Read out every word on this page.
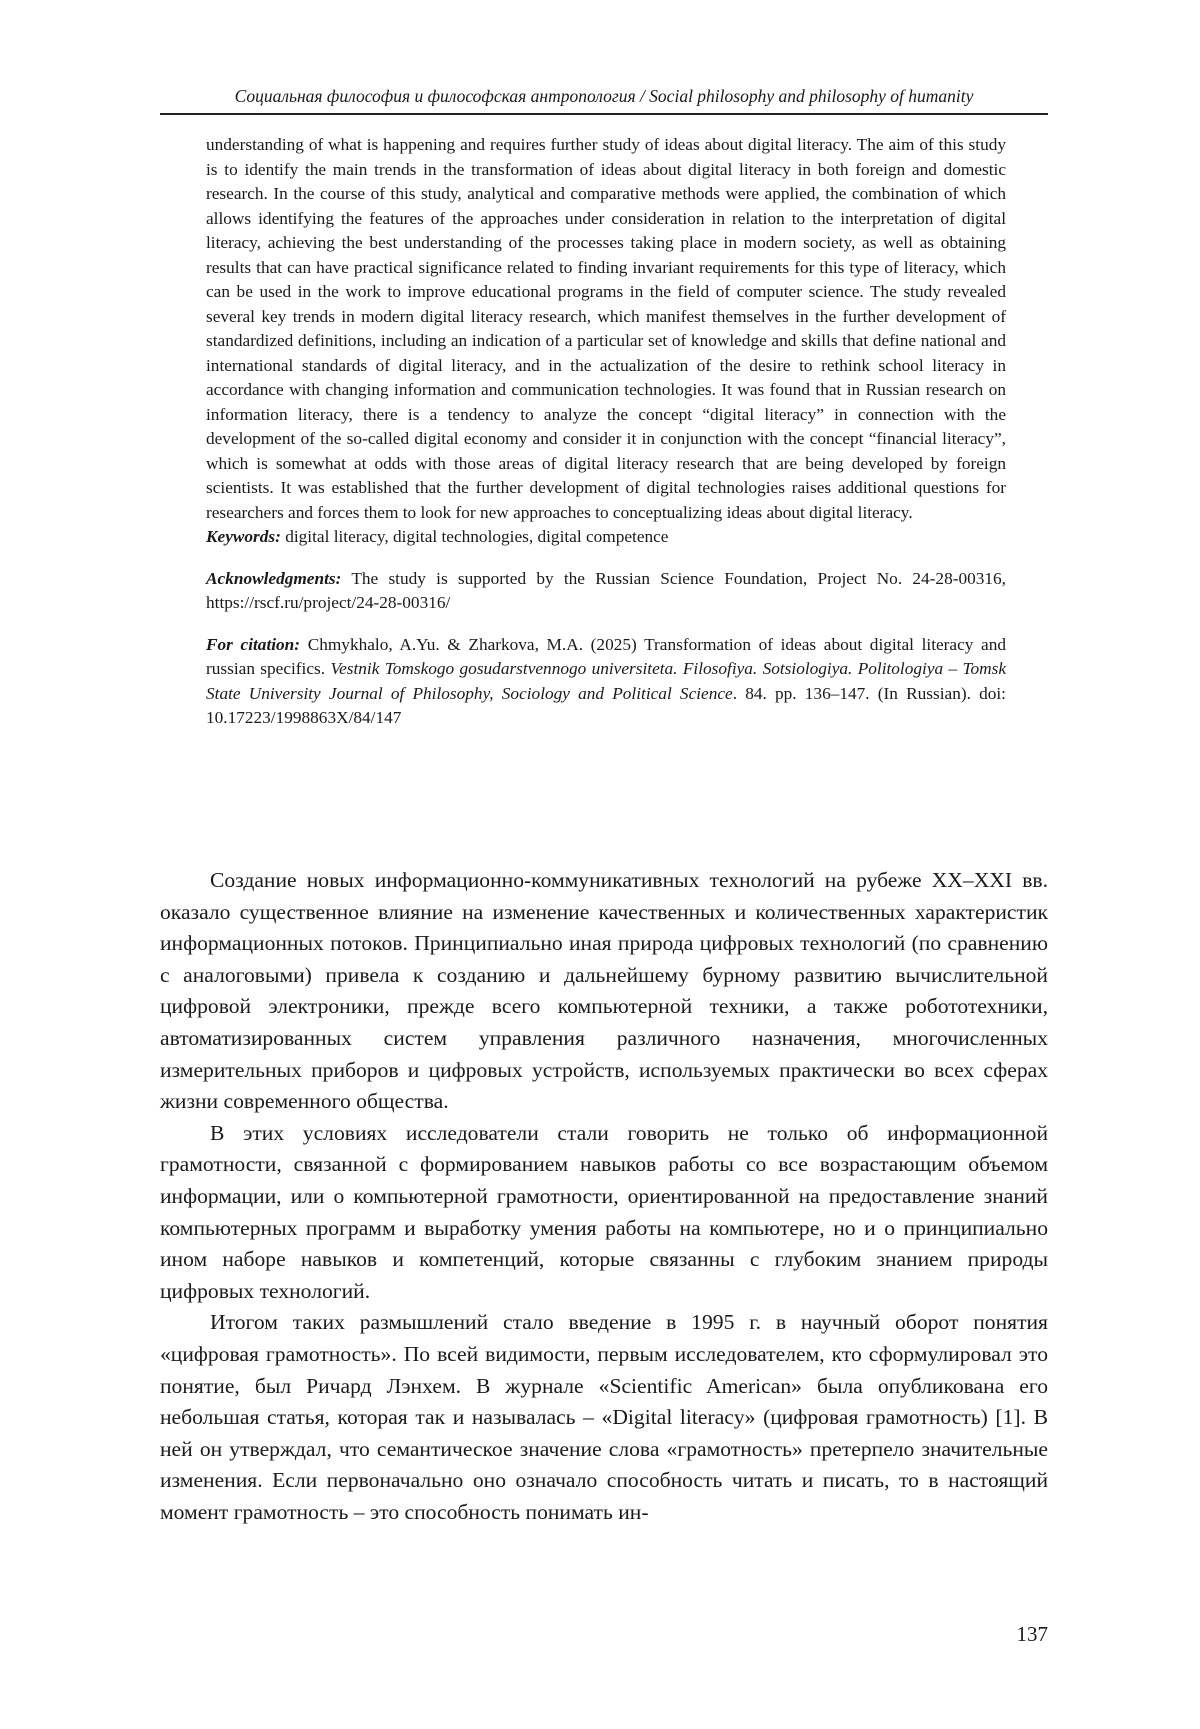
Социальная философия и философская антропология / Social philosophy and philosophy of humanity

understanding of what is happening and requires further study of ideas about digital literacy. The aim of this study is to identify the main trends in the transformation of ideas about digital literacy in both foreign and domestic research. In the course of this study, analytical and comparative methods were applied, the combination of which allows identifying the features of the approaches under consideration in relation to the interpretation of digital literacy, achieving the best understanding of the processes taking place in modern society, as well as obtaining results that can have practical significance related to finding invariant requirements for this type of literacy, which can be used in the work to improve educational programs in the field of computer science. The study revealed several key trends in modern digital literacy research, which manifest themselves in the further development of standardized definitions, including an indication of a particular set of knowledge and skills that define national and international standards of digital literacy, and in the actualization of the desire to rethink school literacy in accordance with changing information and communication technologies. It was found that in Russian research on information literacy, there is a tendency to analyze the concept “digital literacy” in connection with the development of the so-called digital economy and consider it in conjunction with the concept “financial literacy”, which is somewhat at odds with those areas of digital literacy research that are being developed by foreign scientists. It was established that the further development of digital technologies raises additional questions for researchers and forces them to look for new approaches to conceptualizing ideas about digital literacy.

Keywords: digital literacy, digital technologies, digital competence

Acknowledgments: The study is supported by the Russian Science Foundation, Project No. 24-28-00316, https://rscf.ru/project/24-28-00316/

For citation: Chmykhalo, A.Yu. & Zharkova, M.A. (2025) Transformation of ideas about digital literacy and russian specifics. Vestnik Tomskogo gosudarstvennogo universiteta. Filosofiya. Sotsiologiya. Politologiya – Tomsk State University Journal of Philosophy, Sociology and Political Science. 84. pp. 136–147. (In Russian). doi: 10.17223/1998863X/84/147

Создание новых информационно-коммуникативных технологий на рубеже XX–XXI вв. оказало существенное влияние на изменение качественных и количественных характеристик информационных потоков. Принципиально иная природа цифровых технологий (по сравнению с аналоговыми) привела к созданию и дальнейшему бурному развитию вычислительной цифровой электроники, прежде всего компьютерной техники, а также робототехники, автоматизированных систем управления различного назначения, многочисленных измерительных приборов и цифровых устройств, используемых практически во всех сферах жизни современного общества.

В этих условиях исследователи стали говорить не только об информационной грамотности, связанной с формированием навыков работы со все возрастающим объемом информации, или о компьютерной грамотности, ориентированной на предоставление знаний компьютерных программ и выработку умения работы на компьютере, но и о принципиально ином наборе навыков и компетенций, которые связанны с глубоким знанием природы цифровых технологий.

Итогом таких размышлений стало введение в 1995 г. в научный оборот понятия «цифровая грамотность». По всей видимости, первым исследователем, кто сформулировал это понятие, был Ричард Лэнхем. В журнале «Scientific American» была опубликована его небольшая статья, которая так и называлась – «Digital literacy» (цифровая грамотность) [1]. В ней он утверждал, что семантическое значение слова «грамотность» претерпело значительные изменения. Если первоначально оно означало способность читать и писать, то в настоящий момент грамотность – это способность понимать ин-

137
